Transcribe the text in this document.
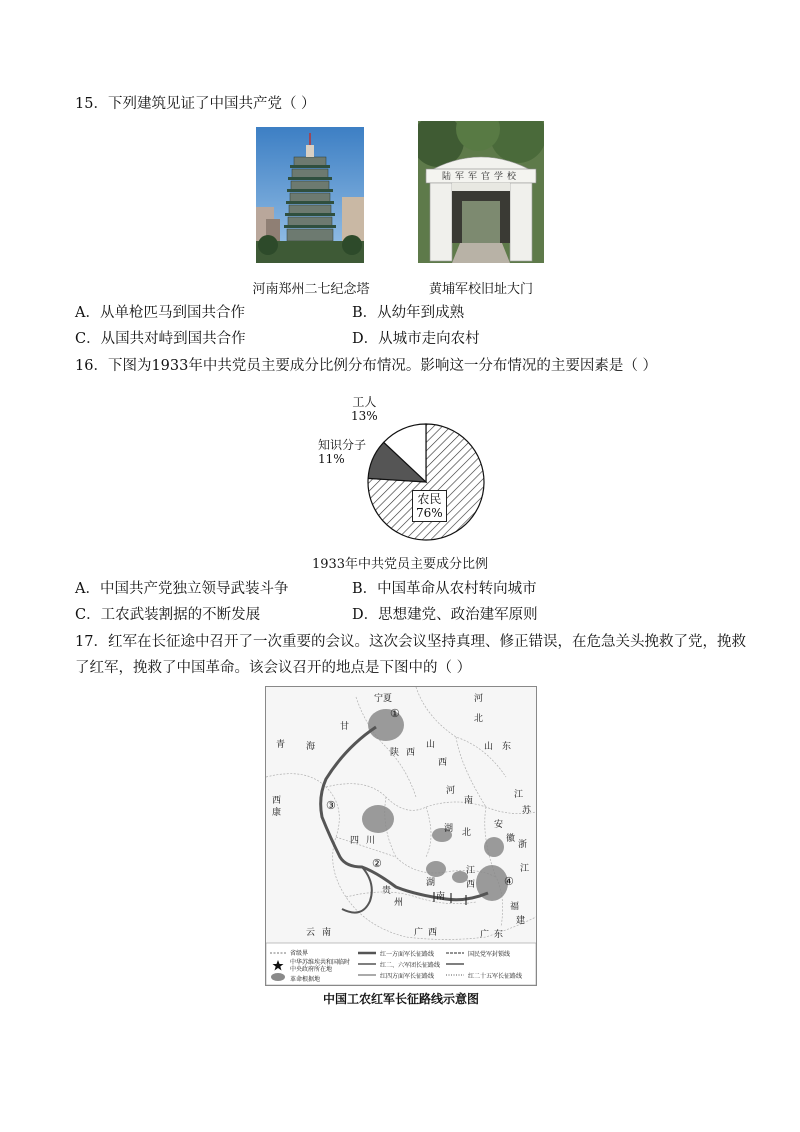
15．下列建筑见证了中国共产党（ ）
陆军军官学校
河南郑州二七纪念塔	黄埔军校旧址大门
A．从单枪匹马到国共合作	B．从幼年到成熟
C．从国共对峙到国共合作	D．从城市走向农村
16．下图为1933年中共党员主要成分比例分布情况。影响这一分布情况的主要因素是（ ）
工人
13%
知识分子
11%
农民
76%
1933年中共党员主要成分比例
A．中国共产党独立领导武装斗争	B．中国革命从农村转向城市
C．工农武装割据的不断发展	D．思想建党、政治建军原则
17．红军在长征途中召开了一次重要的会议。这次会议坚持真理、修正错误，在危急关头挽救了党，挽救
了红军，挽救了中国革命。该会议召开的地点是下图中的（ ）
宁夏	河
北
山 东
青 海
甘
陕 西
山
西
河
南
江
苏
安
徽
四 川
湖 北
浙
江
湖
南
江
西
福
建
贵
州
广 西	广 东
云 南
西
康
①
②
③
④
省级界
中华苏维埃共和国临时中央政府所在地
革命根据地
红一方面军长征路线
红二、六军团长征路线
红四方面军长征路线
国民党军封锁线
红二十五军长征路线
中国工农红军长征路线示意图
